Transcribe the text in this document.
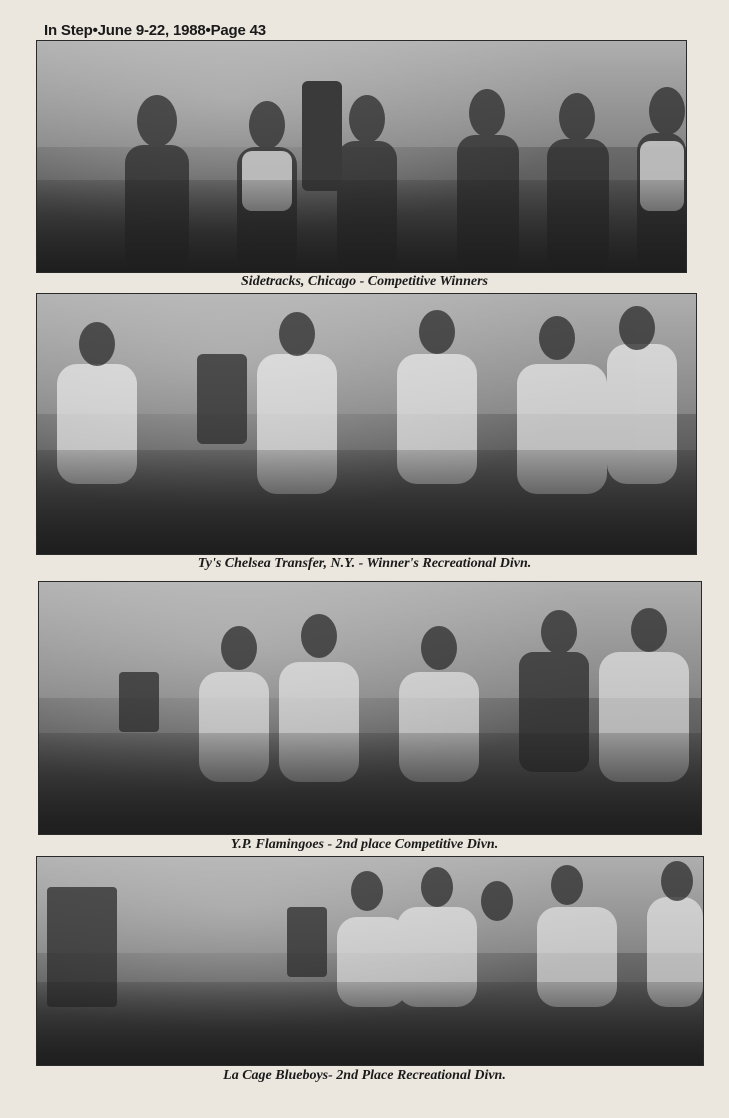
In Step•June 9-22, 1988•Page 43
Sidetracks, Chicago - Competitive Winners
Ty's Chelsea Transfer, N.Y. - Winner's Recreational Divn.
Y.P. Flamingoes - 2nd place Competitive Divn.
La Cage Blueboys- 2nd Place Recreational Divn.
